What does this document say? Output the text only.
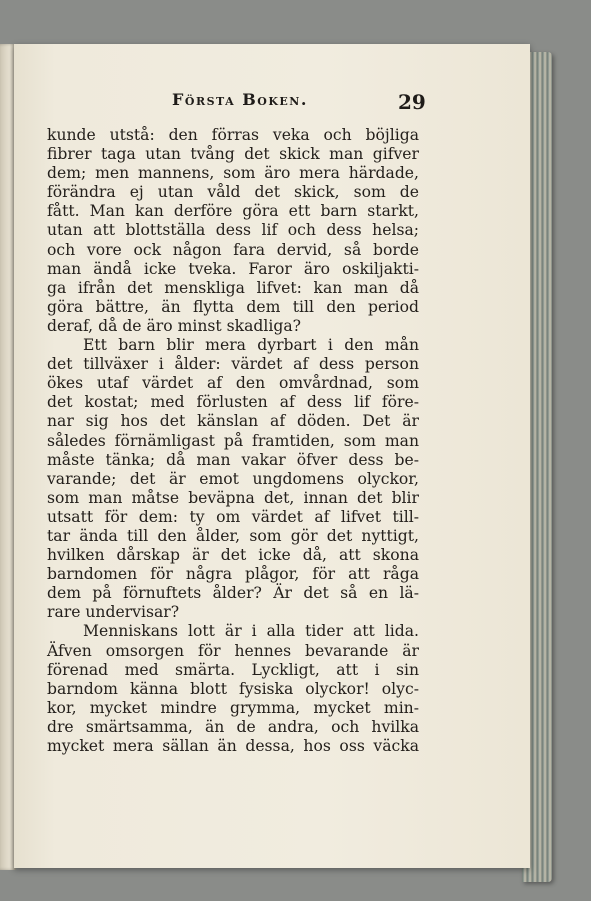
Första Boken.	29
kunde utstå: den förras veka och böjliga
fibrer taga utan tvång det skick man gifver
dem; men mannens, som äro mera härdade,
förändra ej utan våld det skick, som de
fått. Man kan derföre göra ett barn starkt,
utan att blottställa dess lif och dess helsa;
och vore ock någon fara dervid, så borde
man ändå icke tveka. Faror äro oskiljakti-
ga ifrån det menskliga lifvet: kan man då
göra bättre, än flytta dem till den period
deraf, då de äro minst skadliga?
Ett barn blir mera dyrbart i den mån
det tillväxer i ålder: värdet af dess person
ökes utaf värdet af den omvårdnad, som
det kostat; med förlusten af dess lif före-
nar sig hos det känslan af döden. Det är
således förnämligast på framtiden, som man
måste tänka; då man vakar öfver dess be-
varande; det är emot ungdomens olyckor,
som man måtse beväpna det, innan det blir
utsatt för dem: ty om värdet af lifvet till-
tar ända till den ålder, som gör det nyttigt,
hvilken dårskap är det icke då, att skona
barndomen för några plågor, för att råga
dem på förnuftets ålder? Är det så en lä-
rare undervisar?
Menniskans lott är i alla tider att lida.
Äfven omsorgen för hennes bevarande är
förenad med smärta. Lyckligt, att i sin
barndom känna blott fysiska olyckor! olyc-
kor, mycket mindre grymma, mycket min-
dre smärtsamma, än de andra, och hvilka
mycket mera sällan än dessa, hos oss väcka
